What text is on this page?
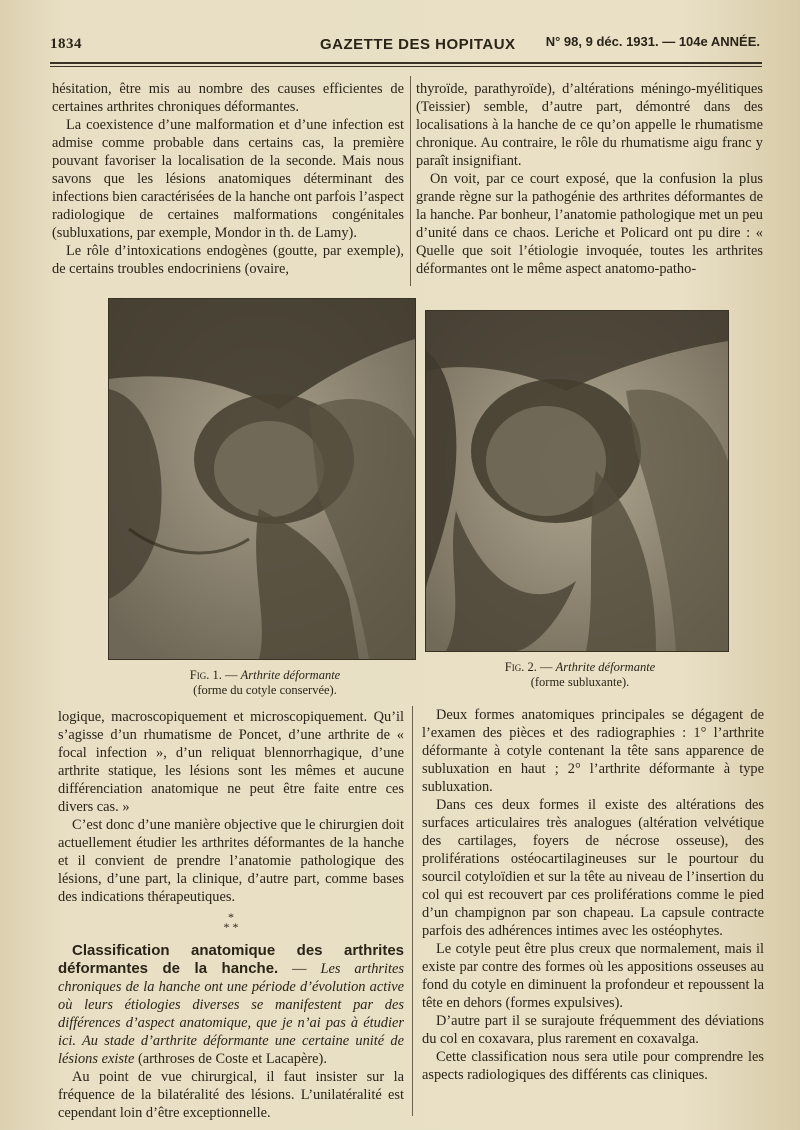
1834	GAZETTE DES HOPITAUX N° 98, 9 déc. 1931. — 104e ANNÉE.

hésitation, être mis au nombre des causes efficientes de certaines arthrites chroniques déformantes.

La coexistence d’une malformation et d’une infection est admise comme probable dans certains cas, la première pouvant favoriser la localisation de la seconde. Mais nous savons que les lésions anatomiques déterminant des infections bien caractérisées de la hanche ont parfois l’aspect radiologique de certaines malformations congénitales (subluxations, par exemple, Mondor in th. de Lamy).

Le rôle d’intoxications endogènes (goutte, par exemple), de certains troubles endocriniens (ovaire,

thyroïde, parathyroïde), d’altérations méningo-myélitiques (Teissier) semble, d’autre part, démontré dans des localisations à la hanche de ce qu’on appelle le rhumatisme chronique. Au contraire, le rôle du rhumatisme aigu franc y paraît insignifiant.

On voit, par ce court exposé, que la confusion la plus grande règne sur la pathogénie des arthrites déformantes de la hanche. Par bonheur, l’anatomie pathologique met un peu d’unité dans ce chaos. Leriche et Policard ont pu dire : « Quelle que soit l’étiologie invoquée, toutes les arthrites déformantes ont le même aspect anatomo-patho-

Fig. 1. — Arthrite déformante
(forme du cotyle conservée).
Fig. 2. — Arthrite déformante
(forme subluxante).

logique, macroscopiquement et microscopiquement. Qu’il s’agisse d’un rhumatisme de Poncet, d’une arthrite de « focal infection », d’un reliquat blennorrhagique, d’une arthrite statique, les lésions sont les mêmes et aucune différenciation anatomique ne peut être faite entre ces divers cas. »

C’est donc d’une manière objective que le chirurgien doit actuellement étudier les arthrites déformantes de la hanche et il convient de prendre l’anatomie pathologique des lésions, d’une part, la clinique, d’autre part, comme bases des indications thérapeutiques.

*
* *

Classification anatomique des arthrites déformantes de la hanche. — Les arthrites chroniques de la hanche ont une période d’évolution active où leurs étiologies diverses se manifestent par des différences d’aspect anatomique, que je n’ai pas à étudier ici. Au stade d’arthrite déformante une certaine unité de lésions existe (arthroses de Coste et Lacapère).

Au point de vue chirurgical, il faut insister sur la fréquence de la bilatéralité des lésions. L’unilatéralité est cependant loin d’être exceptionnelle.

Deux formes anatomiques principales se dégagent de l’examen des pièces et des radiographies : 1° l’arthrite déformante à cotyle contenant la tête sans apparence de subluxation en haut ; 2° l’arthrite déformante à type subluxation.

Dans ces deux formes il existe des altérations des surfaces articulaires très analogues (altération velvétique des cartilages, foyers de nécrose osseuse), des proliférations ostéocartilagineuses sur le pourtour du sourcil cotyloïdien et sur la tête au niveau de l’insertion du col qui est recouvert par ces proliférations comme le pied d’un champignon par son chapeau. La capsule contracte parfois des adhérences intimes avec les ostéophytes.

Le cotyle peut être plus creux que normalement, mais il existe par contre des formes où les appositions osseuses au fond du cotyle en diminuent la profondeur et repoussent la tête en dehors (formes expulsives).

D’autre part il se surajoute fréquemment des déviations du col en coxavara, plus rarement en coxavalga.

Cette classification nous sera utile pour comprendre les aspects radiologiques des différents cas cliniques.
